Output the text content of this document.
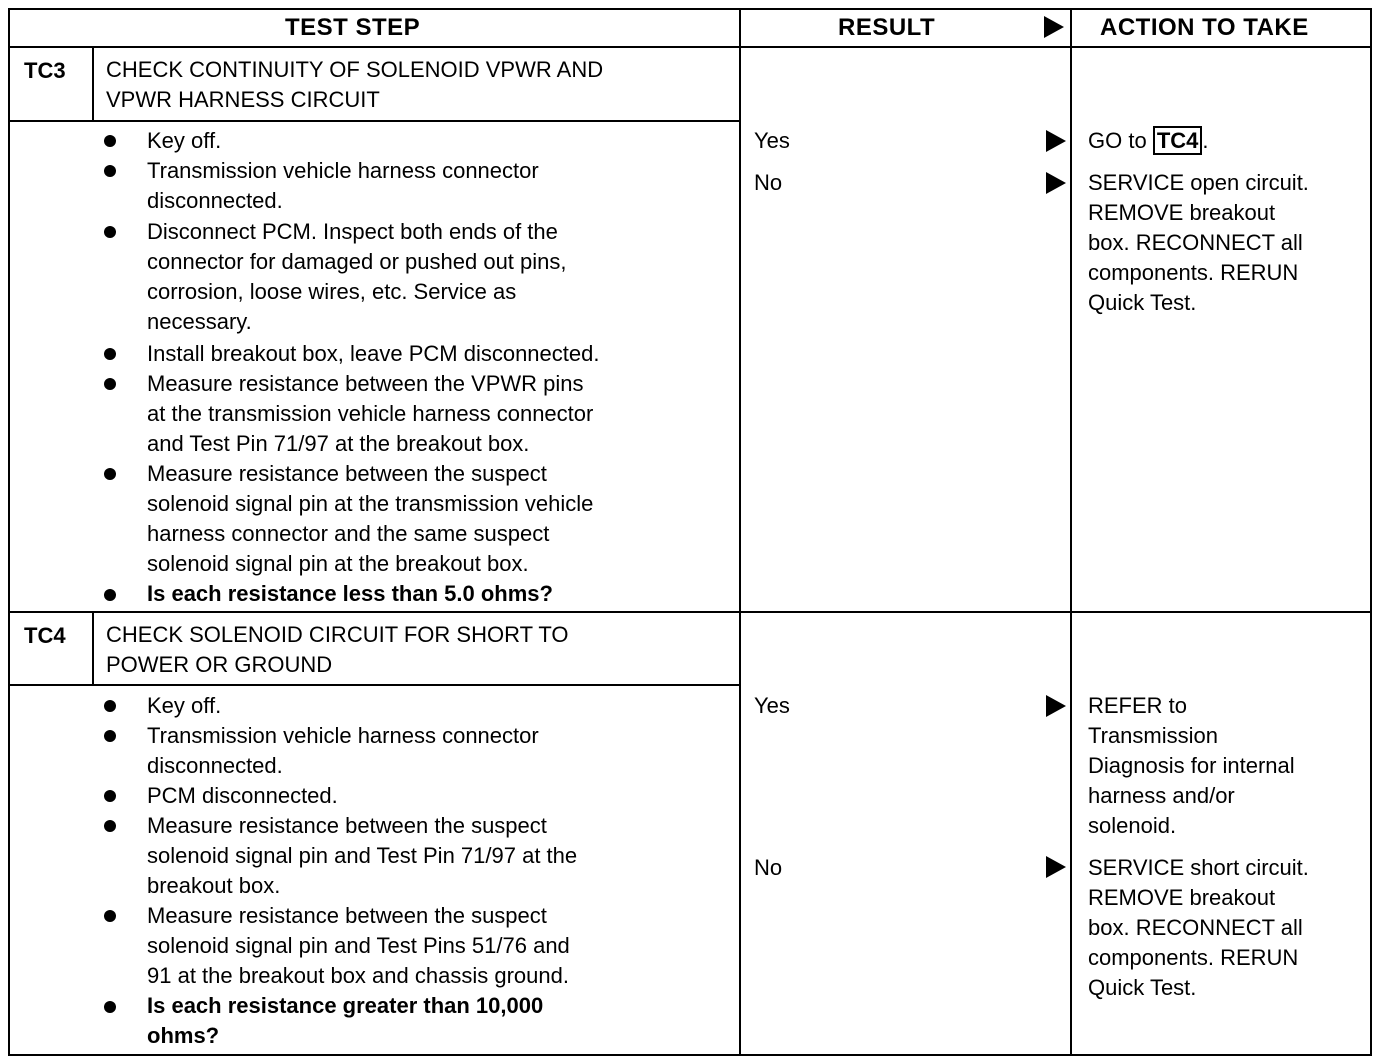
TEST STEP	RESULT	ACTION TO TAKE
TC3 CHECK CONTINUITY OF SOLENOID VPWR AND
VPWR HARNESS CIRCUIT
Key off.
Transmission vehicle harness connector
disconnected.
Disconnect PCM. Inspect both ends of the
connector for damaged or pushed out pins,
corrosion, loose wires, etc. Service as
necessary.
Install breakout box, leave PCM disconnected.
Measure resistance between the VPWR pins
at the transmission vehicle harness connector
and Test Pin 71/97 at the breakout box.
Measure resistance between the suspect
solenoid signal pin at the transmission vehicle
harness connector and the same suspect
solenoid signal pin at the breakout box.
Is each resistance less than 5.0 ohms?
Yes
No
GO to TC4 .
SERVICE open circuit.
REMOVE breakout
box. RECONNECT all
components. RERUN
Quick Test.
TC4 CHECK SOLENOID CIRCUIT FOR SHORT TO
POWER OR GROUND
Key off.
Transmission vehicle harness connector
disconnected.
PCM disconnected.
Measure resistance between the suspect
solenoid signal pin and Test Pin 71/97 at the
breakout box.
Measure resistance between the suspect
solenoid signal pin and Test Pins 51/76 and
91 at the breakout box and chassis ground.
Is each resistance greater than 10,000
ohms?
Yes
No
REFER to
Transmission
Diagnosis for internal
harness and/or
solenoid.
SERVICE short circuit.
REMOVE breakout
box. RECONNECT all
components. RERUN
Quick Test.
